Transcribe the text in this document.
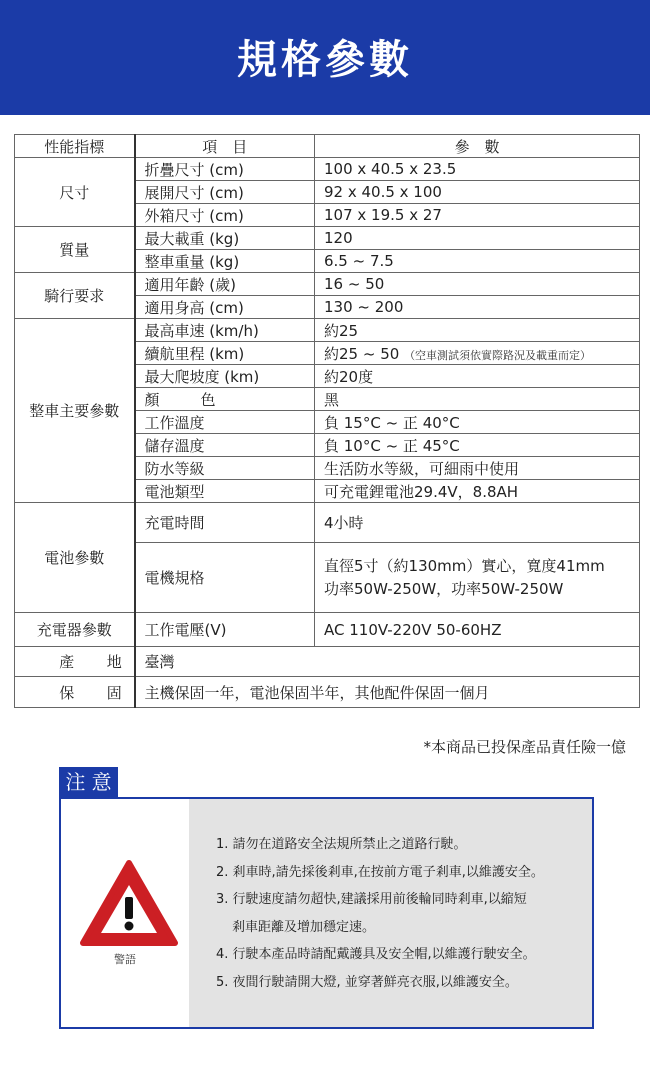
規格參數
性能指標	項　目	參　數
尺寸	折疊尺寸 (cm)	100 x 40.5 x 23.5
	展開尺寸 (cm)	92 x 40.5 x 100
	外箱尺寸 (cm)	107 x 19.5 x 27
質量	最大載重 (kg)	120
	整車重量 (kg)	6.5 ~ 7.5
騎行要求	適用年齡 (歲)	16 ~ 50
	適用身高 (cm)	130 ~ 200
整車主要參數	最高車速 (km/h)	約25
	續航里程 (km)	約25 ~ 50 （空車測試須依實際路況及載重而定）
	最大爬坡度 (km)	約20度
	顏 色	黑
	工作溫度	負 15°C ~ 正 40°C
	儲存溫度	負 10°C ~ 正 45°C
	防水等級	生活防水等級，可細雨中使用
	電池類型	可充電鋰電池29.4V，8.8AH
電池參數	充電時間	4小時
	電機規格	直徑5寸（約130mm）實心，寬度41mm
功率50W-250W，功率50W-250W

充電器參數	工作電壓(V)	AC 110V-220V 50-60HZ
產 地	臺灣	
保 固	主機保固一年，電池保固半年，其他配件保固一個月	
*本商品已投保產品責任險一億
注 意
警語
1. 請勿在道路安全法規所禁止之道路行駛。
2. 剎車時,請先採後剎車,在按前方電子剎車,以維護安全。
3. 行駛速度請勿超快,建議採用前後輪同時剎車,以縮短
剎車距離及增加穩定速。
4. 行駛本產品時請配戴護具及安全帽,以維護行駛安全。
5. 夜間行駛請開大燈, 並穿著鮮亮衣服,以維護安全。
